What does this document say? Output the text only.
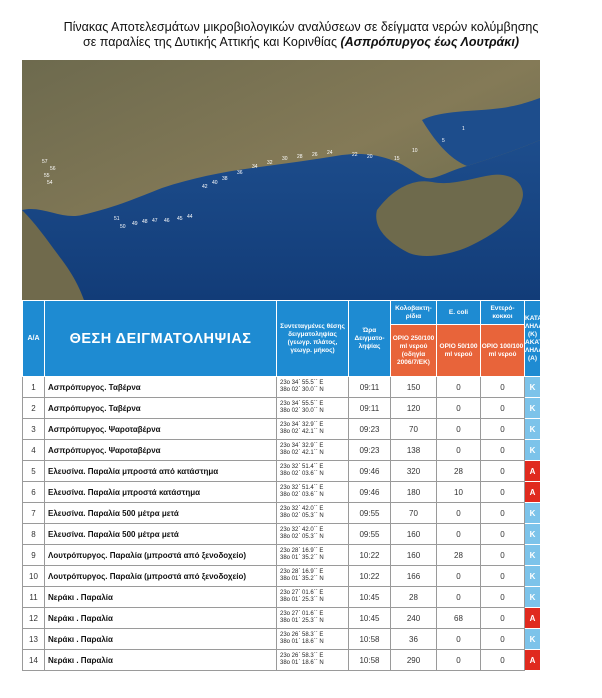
Πίνακας Αποτελεσμάτων μικροβιολογικών αναλύσεων σε δείγματα νερών κολύμβησης
σε παραλίες της Δυτικής Αττικής και Κορινθίας (Ασπρόπυργος έως Λουτράκι)
57
56
55
54
51
50 49 48 47 46 45 44
42
40
38
36
34
32
30 28 26 24	22 20	15
10
5
1
Α/Α	ΘΕΣΗ ΔΕΙΓΜΑΤΟΛΗΨΙΑΣ	Συντεταγμένες θέσης δειγματοληψίας (γεωγρ. πλάτος, γεωγρ. μήκος)	Ώρα Δειγματο-ληψίας	Κολοβακτη-ρίδια	E. coli	Εντερό-κοκκοι	ΚΑΤΑΛ-ΛΗΛΑ (Κ) ΑΚΑΤΑΛ-ΛΗΛΑ (Α)
				ΟΡΙΟ 250/100 ml νερού (οδηγία 2006/7/ΕΚ)	ΟΡΙΟ 50/100 ml νερού	ΟΡΙΟ 100/100 ml νερού	
1	Ασπρόπυργος. Ταβέρνα	23ο 34΄ 55.5΄΄ Ε
38ο 02΄ 30.0΄΄ Ν	09:11	150	0	0	Κ
2	Ασπρόπυργος. Ταβέρνα	23ο 34΄ 55.5΄΄ Ε
38ο 02΄ 30.0΄΄ Ν	09:11	120	0	0	Κ
3	Ασπρόπυργος. Ψαροταβέρνα	23ο 34΄ 32.9΄΄ Ε
38ο 02΄ 42.1΄΄ Ν	09:23	70	0	0	Κ
4	Ασπρόπυργος. Ψαροταβέρνα	23ο 34΄ 32.9΄΄ Ε
38ο 02΄ 42.1΄΄ Ν	09:23	138	0	0	Κ
5	Ελευσίνα. Παραλία μπροστά από κατάστημα	23ο 32΄ 51.4΄΄ Ε
38ο 02΄ 03.6΄΄ Ν	09:46	320	28	0	Α
6	Ελευσίνα. Παραλία μπροστά κατάστημα	23ο 32΄ 51.4΄΄ Ε
38ο 02΄ 03.6΄΄ Ν	09:46	180	10	0	Α
7	Ελευσίνα. Παραλία 500 μέτρα μετά	23ο 32΄ 42.0΄΄ Ε
38ο 02΄ 05.3΄΄ Ν	09:55	70	0	0	Κ
8	Ελευσίνα. Παραλία 500 μέτρα μετά	23ο 32΄ 42.0΄΄ Ε
38ο 02΄ 05.3΄΄ Ν	09:55	160	0	0	Κ
9	Λουτρόπυργος. Παραλία (μπροστά από ξενοδοχείο)	23ο 28΄ 16.9΄΄ Ε
38ο 01΄ 35.2΄΄ Ν	10:22	160	28	0	Κ
10	Λουτρόπυργος. Παραλία (μπροστά από ξενοδοχείο)	23ο 28΄ 16.9΄΄ Ε
38ο 01΄ 35.2΄΄ Ν	10:22	166	0	0	Κ
11	Νεράκι . Παραλία	23ο 27΄ 01.6΄΄ Ε
38ο 01΄ 25.3΄΄ Ν	10:45	28	0	0	Κ
12	Νεράκι . Παραλία	23ο 27΄ 01.6΄΄ Ε
38ο 01΄ 25.3΄΄ Ν	10:45	240	68	0	Α
13	Νεράκι . Παραλία	23ο 26΄ 58.3΄΄ Ε
38ο 01΄ 18.6΄΄ Ν	10:58	36	0	0	Κ
14	Νεράκι . Παραλία	23ο 26΄ 58.3΄΄ Ε
38ο 01΄ 18.6΄΄ Ν	10:58	290	0	0	Α
